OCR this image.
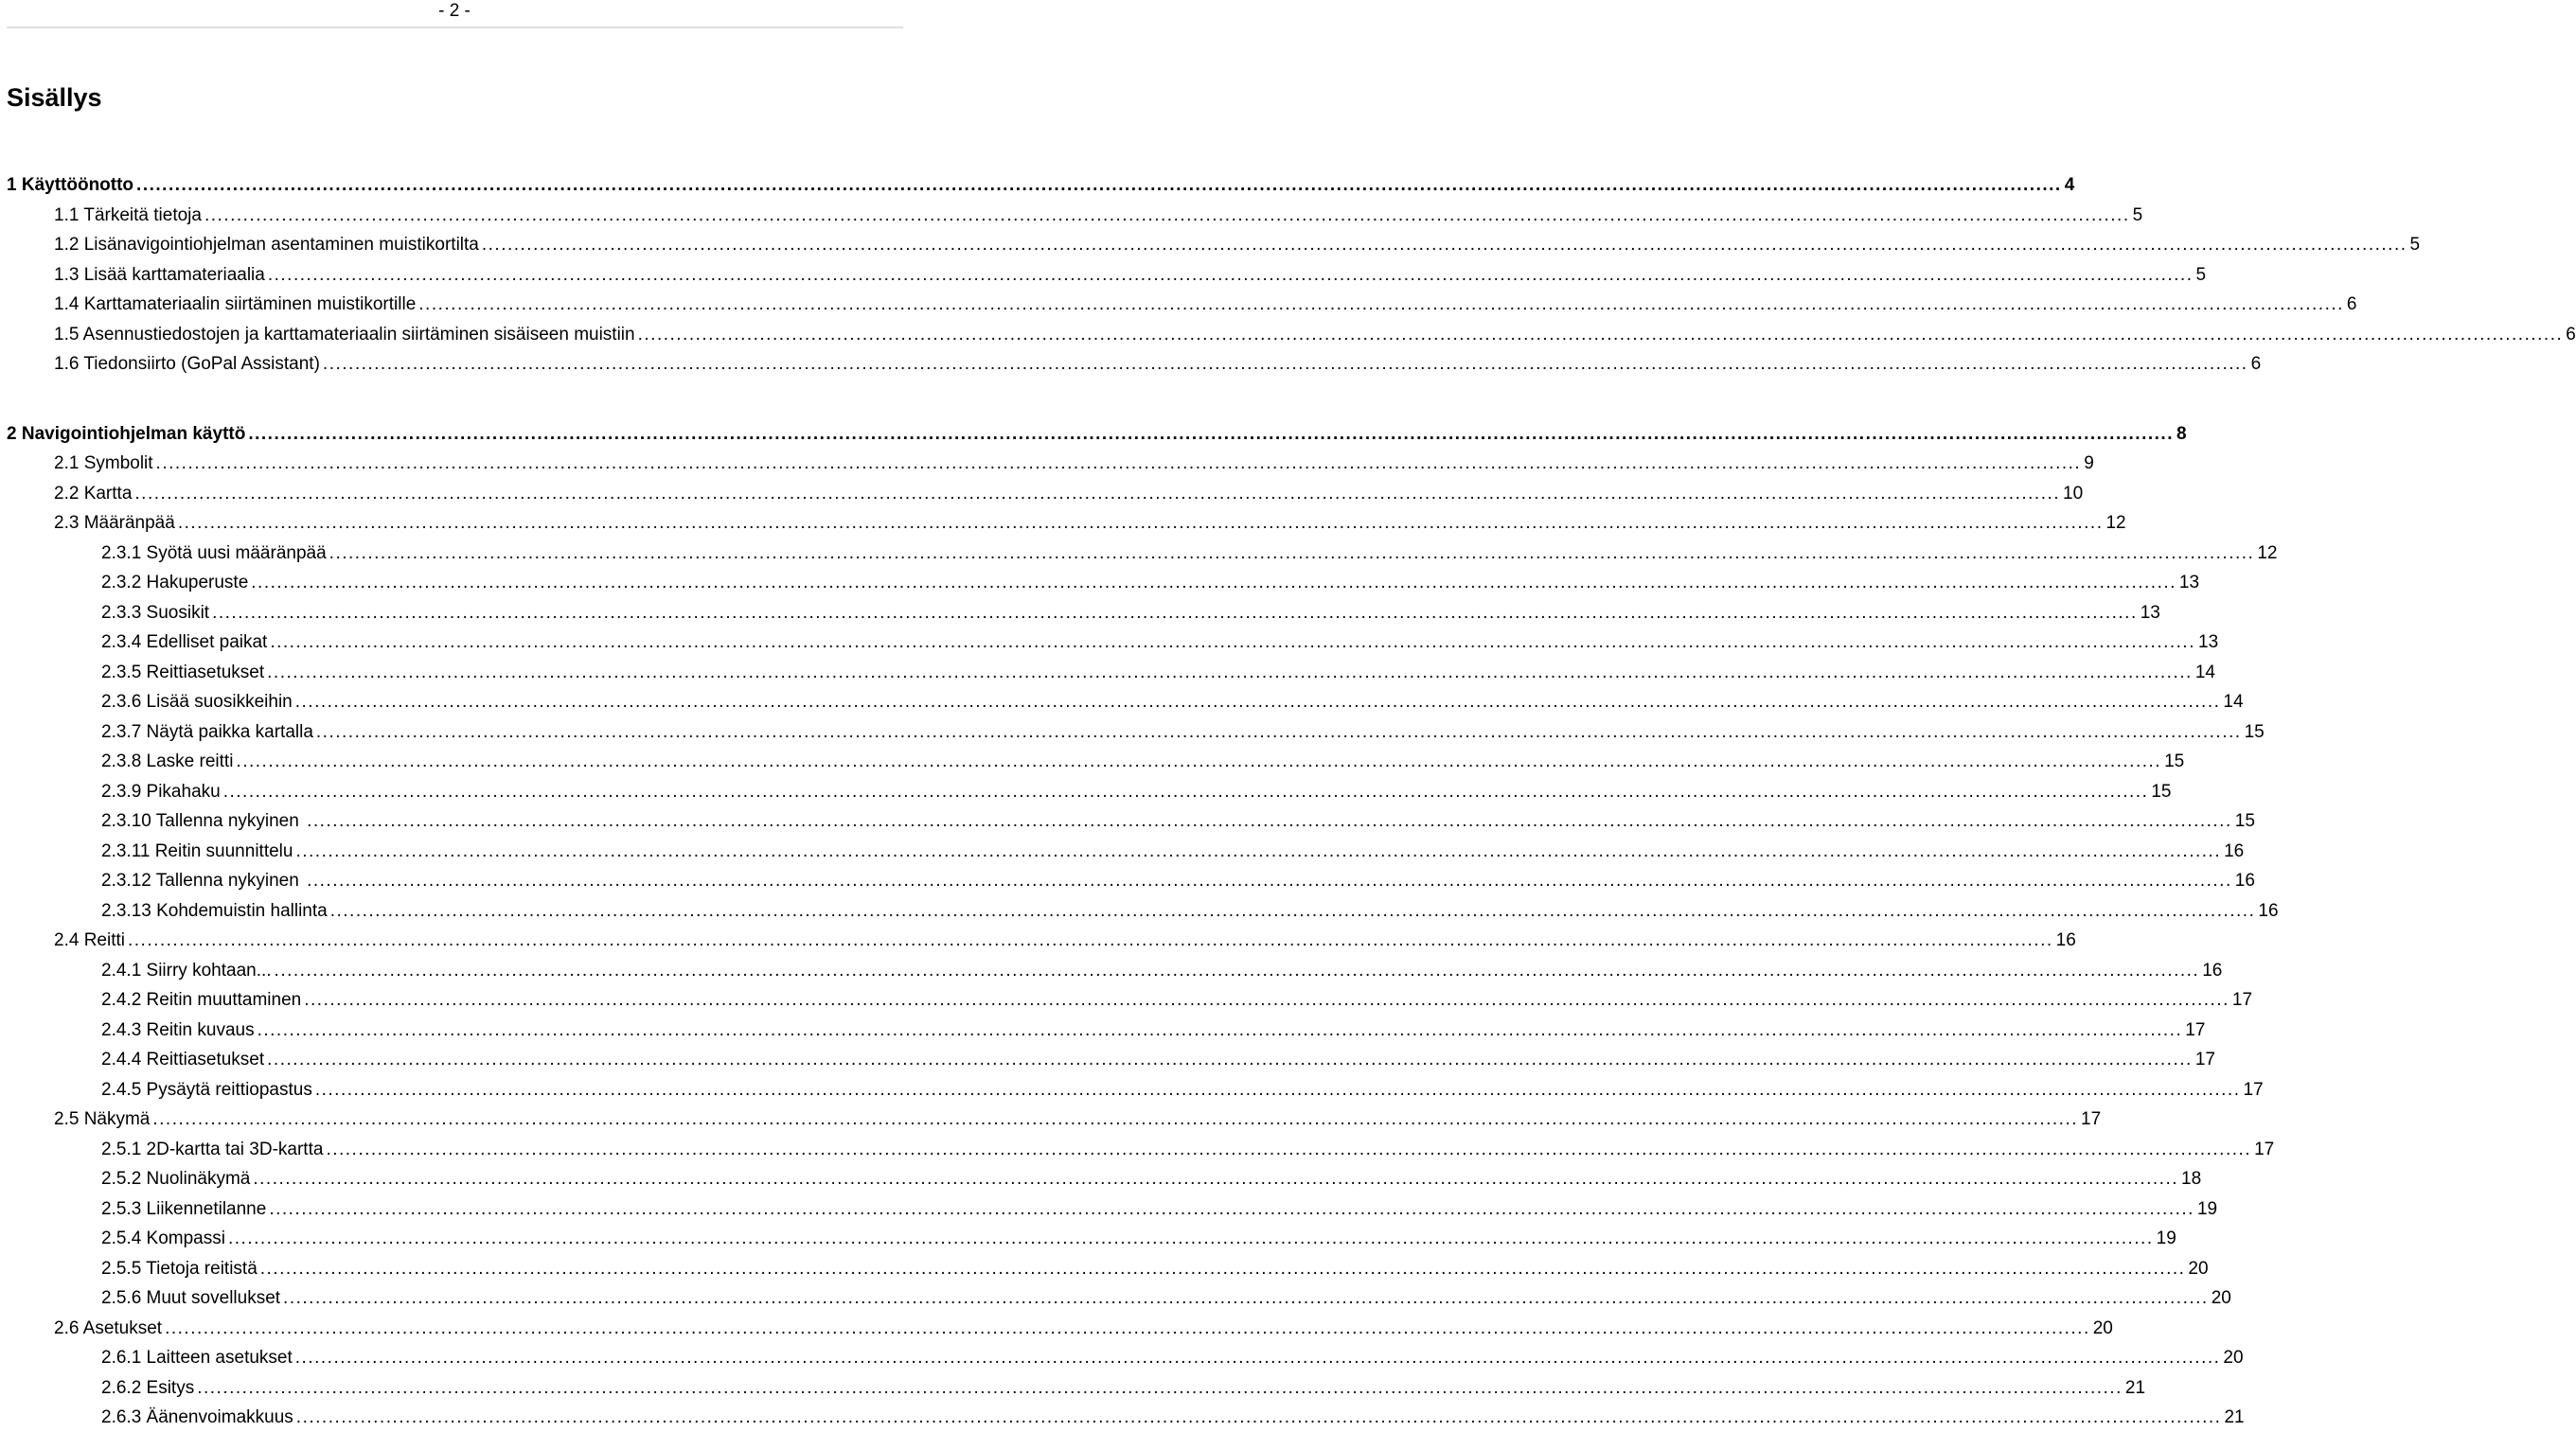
- 2 -
Sisällys
1 Käyttöönotto ............................................................................................................................................................................................................................................................................................................ 4
1.1 Tärkeitä tietoja ............................................................................................................................................................................................................................................................................................................ 5
1.2 Lisänavigointiohjelman asentaminen muistikortilta ............................................................................................................................................................................................................................................................................................................ 5
1.3 Lisää karttamateriaalia ............................................................................................................................................................................................................................................................................................................ 5
1.4 Karttamateriaalin siirtäminen muistikortille ............................................................................................................................................................................................................................................................................................................ 6
1.5 Asennustiedostojen ja karttamateriaalin siirtäminen sisäiseen muistiin ............................................................................................................................................................................................................................................................................................................ 6
1.6 Tiedonsiirto (GoPal Assistant) ............................................................................................................................................................................................................................................................................................................ 6
2 Navigointiohjelman käyttö ............................................................................................................................................................................................................................................................................................................ 8
2.1 Symbolit ............................................................................................................................................................................................................................................................................................................ 9
2.2 Kartta ............................................................................................................................................................................................................................................................................................................ 10
2.3 Määränpää ............................................................................................................................................................................................................................................................................................................ 12
2.3.1 Syötä uusi määränpää ............................................................................................................................................................................................................................................................................................................ 12
2.3.2 Hakuperuste ............................................................................................................................................................................................................................................................................................................ 13
2.3.3 Suosikit ............................................................................................................................................................................................................................................................................................................ 13
2.3.4 Edelliset paikat ............................................................................................................................................................................................................................................................................................................ 13
2.3.5 Reittiasetukset ............................................................................................................................................................................................................................................................................................................ 14
2.3.6 Lisää suosikkeihin ............................................................................................................................................................................................................................................................................................................ 14
2.3.7 Näytä paikka kartalla ............................................................................................................................................................................................................................................................................................................ 15
2.3.8 Laske reitti ............................................................................................................................................................................................................................................................................................................ 15
2.3.9 Pikahaku ............................................................................................................................................................................................................................................................................................................ 15
2.3.10 Tallenna nykyinen ............................................................................................................................................................................................................................................................................................................ 15
2.3.11 Reitin suunnittelu ............................................................................................................................................................................................................................................................................................................ 16
2.3.12 Tallenna nykyinen ............................................................................................................................................................................................................................................................................................................ 16
2.3.13 Kohdemuistin hallinta ............................................................................................................................................................................................................................................................................................................ 16
2.4 Reitti ............................................................................................................................................................................................................................................................................................................ 16
2.4.1 Siirry kohtaan... ............................................................................................................................................................................................................................................................................................................ 16
2.4.2 Reitin muuttaminen ............................................................................................................................................................................................................................................................................................................ 17
2.4.3 Reitin kuvaus ............................................................................................................................................................................................................................................................................................................ 17
2.4.4 Reittiasetukset ............................................................................................................................................................................................................................................................................................................ 17
2.4.5 Pysäytä reittiopastus ............................................................................................................................................................................................................................................................................................................ 17
2.5 Näkymä ............................................................................................................................................................................................................................................................................................................ 17
2.5.1 2D-kartta tai 3D-kartta ............................................................................................................................................................................................................................................................................................................ 17
2.5.2 Nuolinäkymä ............................................................................................................................................................................................................................................................................................................ 18
2.5.3 Liikennetilanne ............................................................................................................................................................................................................................................................................................................ 19
2.5.4 Kompassi ............................................................................................................................................................................................................................................................................................................ 19
2.5.5 Tietoja reitistä ............................................................................................................................................................................................................................................................................................................ 20
2.5.6 Muut sovellukset ............................................................................................................................................................................................................................................................................................................ 20
2.6 Asetukset ............................................................................................................................................................................................................................................................................................................ 20
2.6.1 Laitteen asetukset ............................................................................................................................................................................................................................................................................................................ 20
2.6.2 Esitys ............................................................................................................................................................................................................................................................................................................ 21
2.6.3 Äänenvoimakkuus ............................................................................................................................................................................................................................................................................................................ 21
